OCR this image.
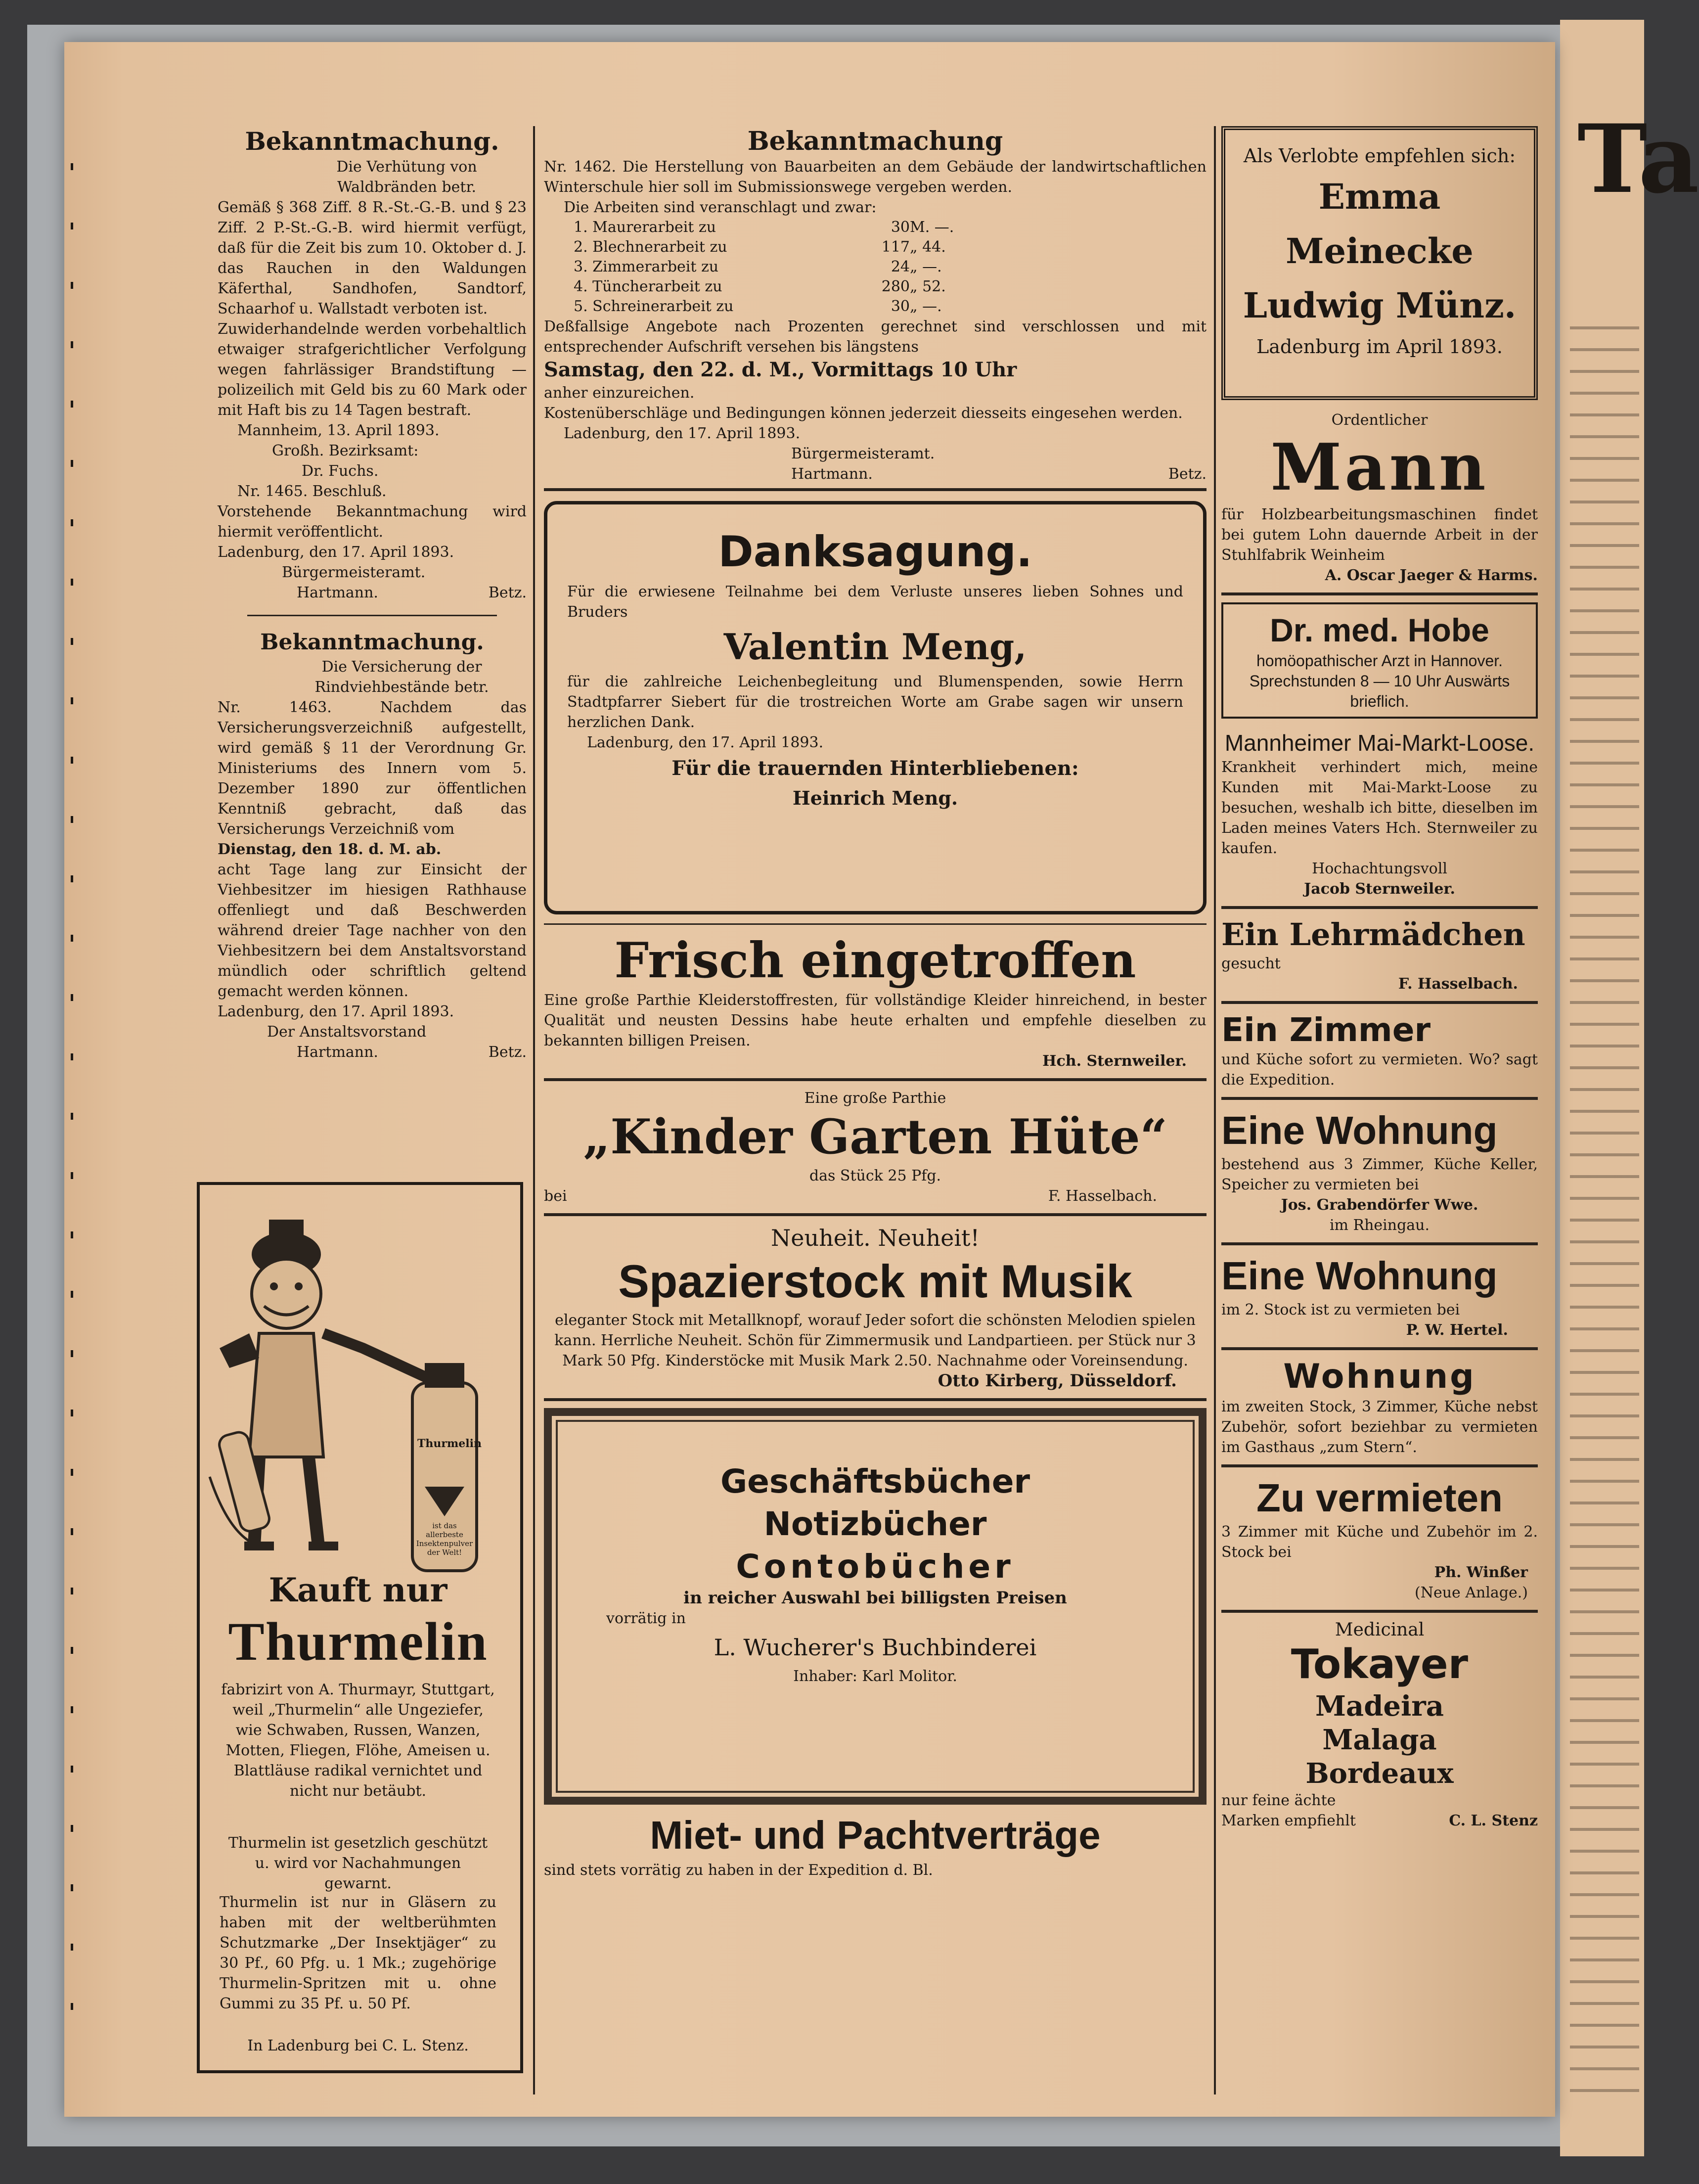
Ta

Bekanntmachung.

Die Verhütung von Waldbränden betr.

Gemäß § 368 Ziff. 8 R.-St.-G.-B. und § 23 Ziff. 2 P.-St.-G.-B. wird hiermit verfügt, daß für die Zeit bis zum 10. Oktober d. J. das Rauchen in den Waldungen Käferthal, Sandhofen, Sandtorf, Schaarhof u. Wallstadt verboten ist.

Zuwiderhandelnde werden vorbehaltlich etwaiger strafgerichtlicher Verfolgung wegen fahrlässiger Brandstiftung — polizeilich mit Geld bis zu 60 Mark oder mit Haft bis zu 14 Tagen bestraft.

Mannheim, 13. April 1893.

Großh. Bezirksamt:

Dr. Fuchs.

Nr. 1465. Beschluß.

Vorstehende Bekanntmachung wird hiermit veröffentlicht.

Ladenburg, den 17. April 1893.

Bürgermeisteramt.

Hartmann.	Betz.

Bekanntmachung.

Die Versicherung der Rindviehbestände betr.

Nr. 1463. Nachdem das Versicherungsverzeichniß aufgestellt, wird gemäß § 11 der Verordnung Gr. Ministeriums des Innern vom 5. Dezember 1890 zur öffentlichen Kenntniß gebracht, daß das Versicherungs Verzeichniß vom

Dienstag, den 18. d. M. ab.

acht Tage lang zur Einsicht der Viehbesitzer im hiesigen Rathhause offenliegt und daß Beschwerden während dreier Tage nachher von den Viehbesitzern bei dem Anstaltsvorstand mündlich oder schriftlich geltend gemacht werden können.

Ladenburg, den 17. April 1893.

Der Anstaltsvorstand

Hartmann.	Betz.
Thurmelin
ist das allerbeste Insektenpulver der Welt!
Kauft nur
Thurmelin

fabrizirt von A. Thurmayr, Stuttgart, weil „Thurmelin“ alle Ungeziefer, wie Schwaben, Russen, Wanzen, Motten, Fliegen, Flöhe, Ameisen u. Blattläuse radikal vernichtet und nicht nur betäubt.

Thurmelin ist gesetzlich geschützt u. wird vor Nachahmungen gewarnt.

Thurmelin ist nur in Gläsern zu haben mit der weltberühmten Schutzmarke „Der Insektjäger“ zu 30 Pf., 60 Pfg. u. 1 Mk.; zugehörige Thurmelin-Spritzen mit u. ohne Gummi zu 35 Pf. u. 50 Pf.

In Ladenburg bei C. L. Stenz.

Bekanntmachung

Nr. 1462. Die Herstellung von Bauarbeiten an dem Gebäude der landwirtschaftlichen Winterschule hier soll im Submissionswege vergeben werden.

Die Arbeiten sind veranschlagt und zwar:

1. Maurerarbeit zu	30 M. —.
2. Blechnerarbeit zu	117 „ 44.
3. Zimmerarbeit zu	24 „ —.
4. Tüncherarbeit zu	280 „ 52.
5. Schreinerarbeit zu	30 „ —.

Deßfallsige Angebote nach Prozenten gerechnet sind verschlossen und mit entsprechender Aufschrift versehen bis längstens

Samstag, den 22. d. M., Vormittags 10 Uhr

anher einzureichen.

Kostenüberschläge und Bedingungen können jederzeit diesseits eingesehen werden.

Ladenburg, den 17. April 1893.

Bürgermeisteramt.

Hartmann.	Betz.

Danksagung.

Für die erwiesene Teilnahme bei dem Verluste unseres lieben Sohnes und Bruders

Valentin Meng,

für die zahlreiche Leichenbegleitung und Blumenspenden, sowie Herrn Stadtpfarrer Siebert für die trostreichen Worte am Grabe sagen wir unsern herzlichen Dank.

Ladenburg, den 17. April 1893.

Für die trauernden Hinterbliebenen:

Heinrich Meng.

Frisch eingetroffen

Eine große Parthie Kleiderstoffresten, für vollständige Kleider hinreichend, in bester Qualität und neusten Dessins habe heute erhalten und empfehle dieselben zu bekannten billigen Preisen.

Hch. Sternweiler.

Eine große Parthie

„Kinder Garten Hüte“

das Stück 25 Pfg.

bei	F. Hasselbach.

Neuheit. Neuheit!

Spazierstock mit Musik

eleganter Stock mit Metallknopf, worauf Jeder sofort die schönsten Melodien spielen kann. Herrliche Neuheit. Schön für Zimmermusik und Landpartieen. per Stück nur 3 Mark 50 Pfg. Kinderstöcke mit Musik Mark 2.50. Nachnahme oder Voreinsendung.

Otto Kirberg, Düsseldorf.

Geschäftsbücher

Notizbücher

Contobücher

in reicher Auswahl bei billigsten Preisen

vorrätig in

L. Wucherer's Buchbinderei

Inhaber: Karl Molitor.

Miet- und Pachtverträge

sind stets vorrätig zu haben in der Expedition d. Bl.

Als Verlobte empfehlen sich:

Emma Meinecke

Ludwig Münz.

Ladenburg im April 1893.

Ordentlicher

Mann

für Holzbearbeitungsmaschinen findet bei gutem Lohn dauernde Arbeit in der Stuhlfabrik Weinheim

A. Oscar Jaeger & Harms.

Dr. med. Hobe

homöopathischer Arzt in Hannover. Sprechstunden 8 — 10 Uhr Auswärts brieflich.

Mannheimer Mai-Markt-Loose.

Krankheit verhindert mich, meine Kunden mit Mai-Markt-Loose zu besuchen, weshalb ich bitte, dieselben im Laden meines Vaters Hch. Sternweiler zu kaufen.

Hochachtungsvoll

Jacob Sternweiler.

Ein Lehrmädchen

gesucht

F. Hasselbach.

Ein Zimmer

und Küche sofort zu vermieten. Wo? sagt die Expedition.

Eine Wohnung

bestehend aus 3 Zimmer, Küche Keller, Speicher zu vermieten bei

Jos. Grabendörfer Wwe.

im Rheingau.

Eine Wohnung

im 2. Stock ist zu vermieten bei

P. W. Hertel.

Wohnung

im zweiten Stock, 3 Zimmer, Küche nebst Zubehör, sofort beziehbar zu vermieten im Gasthaus „zum Stern“.

Zu vermieten

3 Zimmer mit Küche und Zubehör im 2. Stock bei

Ph. Winßer

(Neue Anlage.)

Medicinal

Tokayer

Madeira

Malaga

Bordeaux

nur feine ächte Marken empfiehlt	C. L. Stenz
